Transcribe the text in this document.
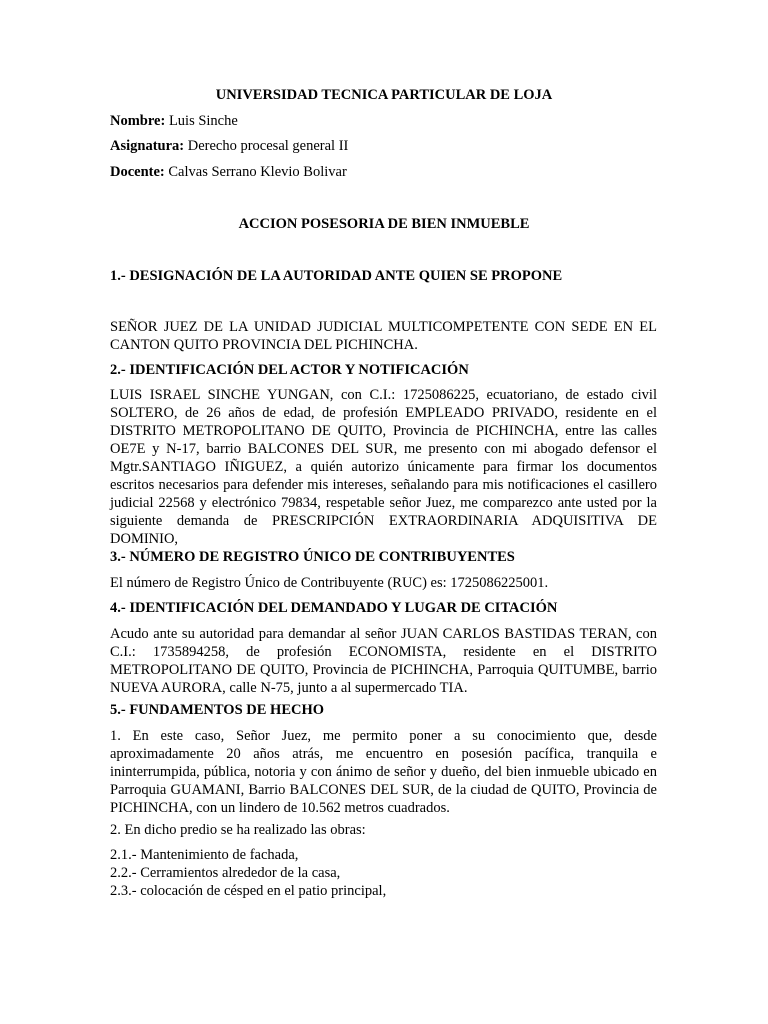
UNIVERSIDAD TECNICA PARTICULAR DE LOJA
Nombre: Luis Sinche
Asignatura: Derecho procesal general II
Docente: Calvas Serrano Klevio Bolivar
ACCION POSESORIA DE BIEN INMUEBLE
1.- DESIGNACIÓN DE LA AUTORIDAD ANTE QUIEN SE PROPONE
SEÑOR JUEZ DE LA UNIDAD JUDICIAL MULTICOMPETENTE CON SEDE EN EL CANTON QUITO PROVINCIA DEL PICHINCHA.
2.- IDENTIFICACIÓN DEL ACTOR Y NOTIFICACIÓN
LUIS ISRAEL SINCHE YUNGAN, con C.I.: 1725086225, ecuatoriano, de estado civil SOLTERO, de 26 años de edad, de profesión EMPLEADO PRIVADO, residente en el DISTRITO METROPOLITANO DE QUITO, Provincia de PICHINCHA, entre las calles OE7E y N-17, barrio BALCONES DEL SUR, me presento con mi abogado defensor el Mgtr.SANTIAGO IÑIGUEZ, a quién autorizo únicamente para firmar los documentos escritos necesarios para defender mis intereses, señalando para mis notificaciones el casillero judicial 22568 y electrónico 79834, respetable señor Juez, me comparezco ante usted por la siguiente demanda de PRESCRIPCIÓN EXTRAORDINARIA ADQUISITIVA DE DOMINIO,
3.- NÚMERO DE REGISTRO ÚNICO DE CONTRIBUYENTES
El número de Registro Único de Contribuyente (RUC) es: 1725086225001.
4.- IDENTIFICACIÓN DEL DEMANDADO Y LUGAR DE CITACIÓN
Acudo ante su autoridad para demandar al señor JUAN CARLOS BASTIDAS TERAN, con C.I.: 1735894258, de profesión ECONOMISTA, residente en el DISTRITO METROPOLITANO DE QUITO, Provincia de PICHINCHA, Parroquia QUITUMBE, barrio NUEVA AURORA, calle N-75, junto a al supermercado TIA.
5.- FUNDAMENTOS DE HECHO
1. En este caso, Señor Juez, me permito poner a su conocimiento que, desde aproximadamente 20 años atrás, me encuentro en posesión pacífica, tranquila e ininterrumpida, pública, notoria y con ánimo de señor y dueño, del bien inmueble ubicado en Parroquia GUAMANI, Barrio BALCONES DEL SUR, de la ciudad de QUITO, Provincia de PICHINCHA, con un lindero de 10.562 metros cuadrados.
2. En dicho predio se ha realizado las obras:
2.1.- Mantenimiento de fachada,
2.2.- Cerramientos alrededor de la casa,
2.3.- colocación de césped en el patio principal,
